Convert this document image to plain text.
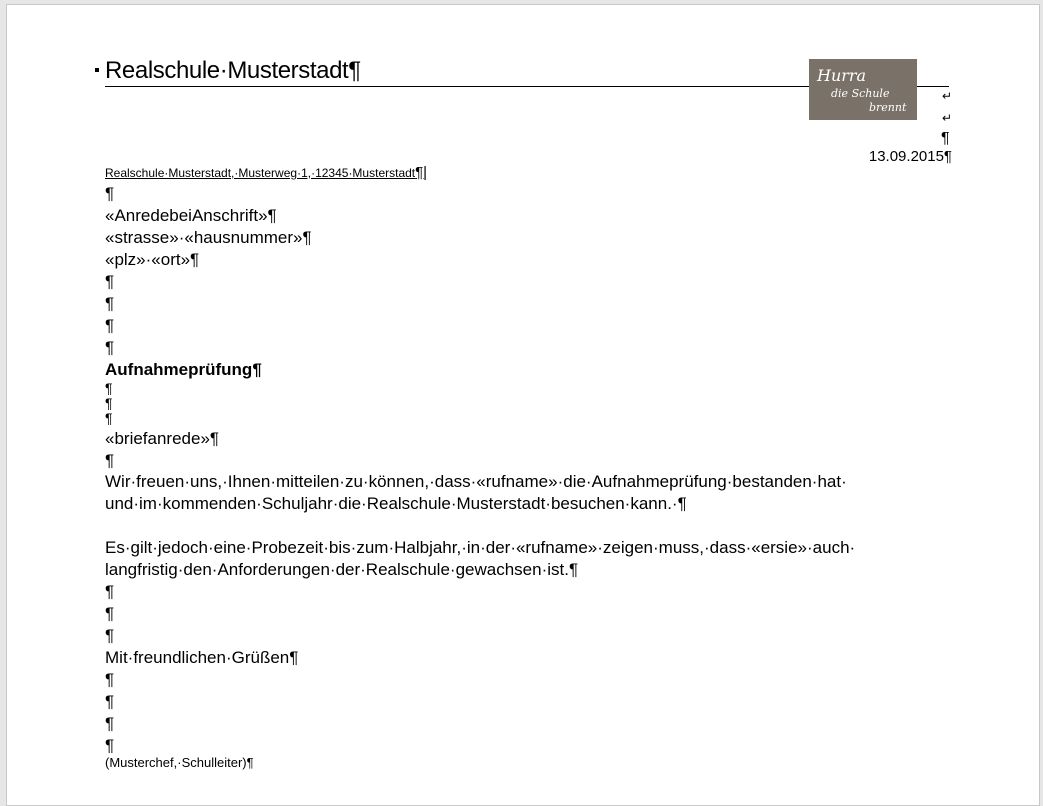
Realschule·Musterstadt¶	Hurra
die Schule
brennt
↵
↵
¶
13.09.2015¶
Realschule·Musterstadt,·Musterweg·1,·12345·Musterstadt¶|
¶
«AnredebeiAnschrift»¶
«strasse»·«hausnummer»¶
«plz»·«ort»¶
¶
¶
¶
¶
Aufnahmeprüfung¶
¶
¶
¶
«briefanrede»¶
¶
Wir·freuen·uns,·Ihnen·mitteilen·zu·können,·dass·«rufname»·die·Aufnahmeprüfung·bestanden·hat·
und·im·kommenden·Schuljahr·die·Realschule·Musterstadt·besuchen·kann.·¶
Es·gilt·jedoch·eine·Probezeit·bis·zum·Halbjahr,·in·der·«rufname»·zeigen·muss,·dass·«ersie»·auch·
langfristig·den·Anforderungen·der·Realschule·gewachsen·ist.¶
¶
¶
¶
Mit·freundlichen·Grüßen¶
¶
¶
¶
¶
(Musterchef,·Schulleiter)¶
